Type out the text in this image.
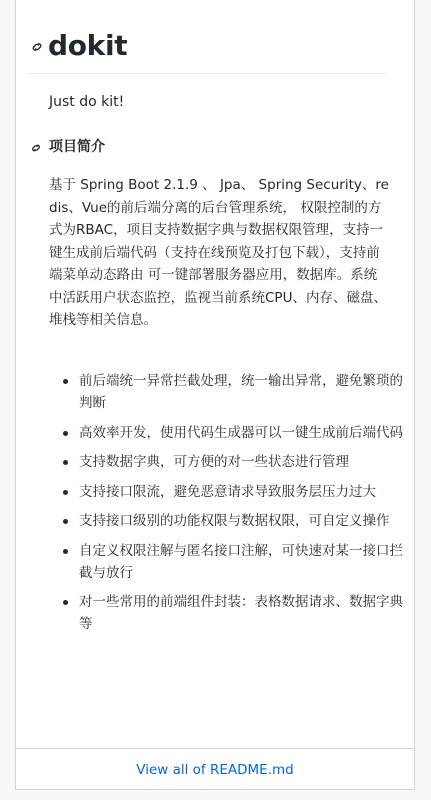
dokit
Just do kit!
项目简介
基于 Spring Boot 2.1.9 、 Jpa、 Spring Security、redis、Vue的前后端分离的后台管理系统， 权限控制的方式为RBAC，项目支持数据字典与数据权限管理，支持一键生成前后端代码（支持在线预览及打包下载），支持前端菜单动态路由 可一键部署服务器应用，数据库。系统中活跃用户状态监控，监视当前系统CPU、内存、磁盘、堆栈等相关信息。
前后端统一异常拦截处理，统一输出异常，避免繁琐的判断
高效率开发，使用代码生成器可以一键生成前后端代码
支持数据字典，可方便的对一些状态进行管理
支持接口限流，避免恶意请求导致服务层压力过大
支持接口级别的功能权限与数据权限，可自定义操作
自定义权限注解与匿名接口注解，可快速对某一接口拦截与放行
对一些常用的前端组件封装：表格数据请求、数据字典等
View all of README.md
